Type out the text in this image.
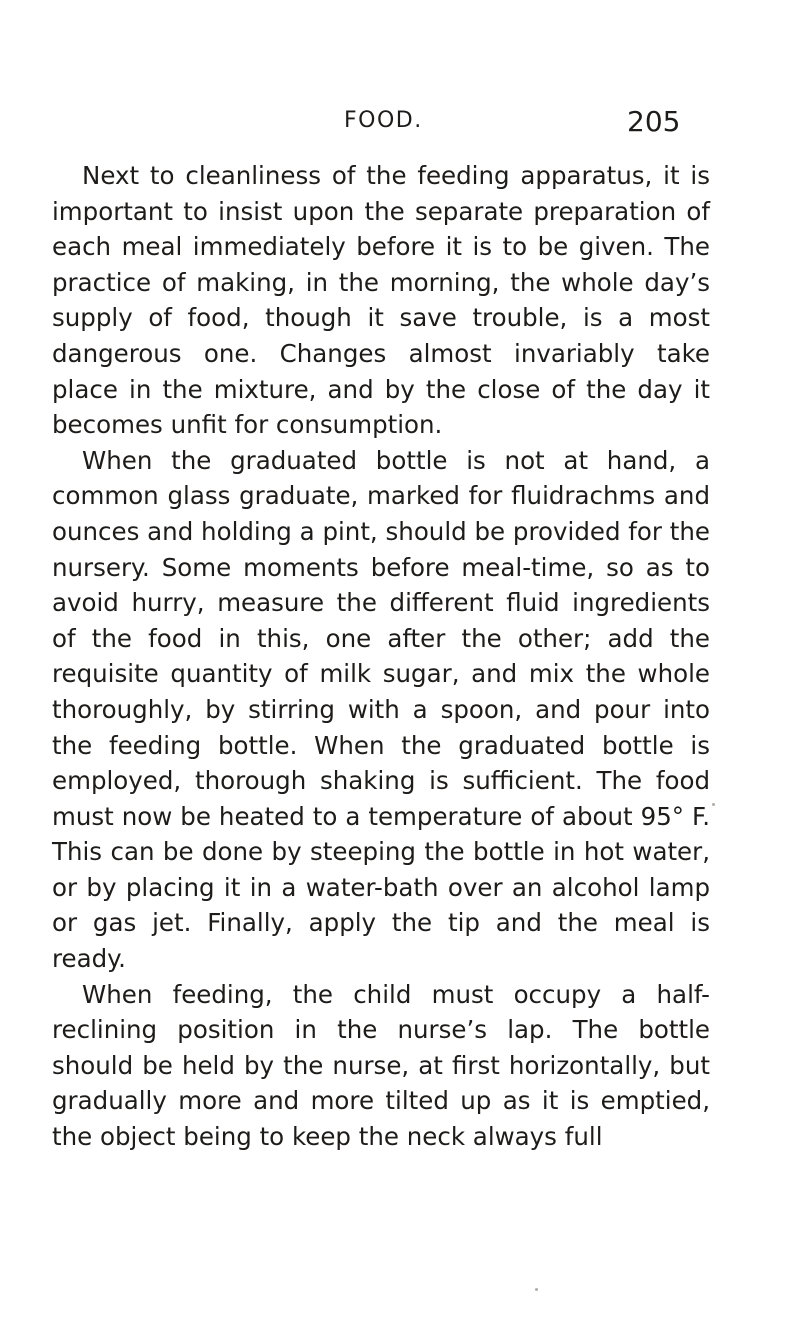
FOOD.	205

Next to cleanliness of the feeding apparatus, it is important to insist upon the separate preparation of each meal immediately before it is to be given. The practice of making, in the morning, the whole day’s supply of food, though it save trouble, is a most dangerous one. Changes almost invariably take place in the mixture, and by the close of the day it becomes unfit for consumption.

When the graduated bottle is not at hand, a common glass graduate, marked for fluidrachms and ounces and holding a pint, should be provided for the nursery. Some moments before meal-time, so as to avoid hurry, measure the different fluid ingredients of the food in this, one after the other; add the requisite quantity of milk sugar, and mix the whole thoroughly, by stirring with a spoon, and pour into the feeding bottle. When the graduated bottle is employed, thorough shaking is sufficient. The food must now be heated to a temperature of about 95° F. This can be done by steeping the bottle in hot water, or by placing it in a water-bath over an alcohol lamp or gas jet. Finally, apply the tip and the meal is ready.

When feeding, the child must occupy a half-reclining position in the nurse’s lap. The bottle should be held by the nurse, at first horizontally, but gradually more and more tilted up as it is emptied, the object being to keep the neck always full
